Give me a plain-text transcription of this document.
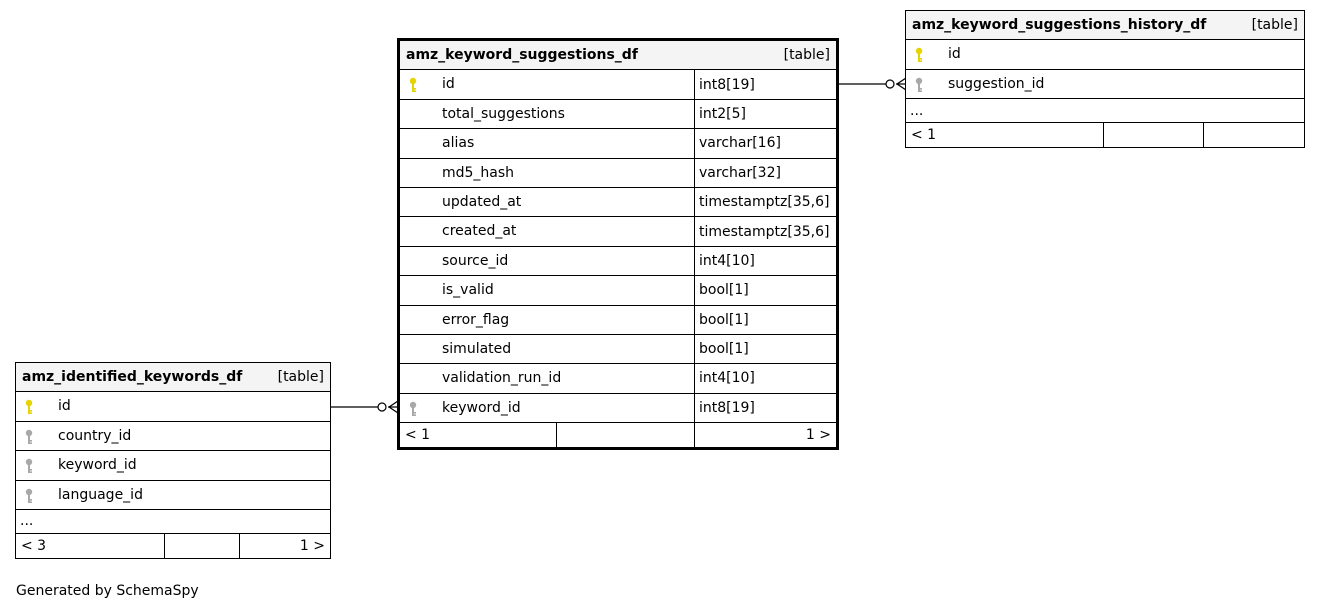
amz_keyword_suggestions_df	[table]
id	int8[19]
total_suggestions	int2[5]
alias	varchar[16]
md5_hash	varchar[32]
updated_at	timestamptz[35,6]
created_at	timestamptz[35,6]
source_id	int4[10]
is_valid	bool[1]
error_flag	bool[1]
simulated	bool[1]
validation_run_id	int4[10]
keyword_id	int8[19]
< 1	1 >
amz_keyword_suggestions_history_df	[table]
id
suggestion_id
...
< 1
amz_identified_keywords_df	[table]
id
country_id
keyword_id
language_id
...
< 3	1 >
Generated by SchemaSpy
